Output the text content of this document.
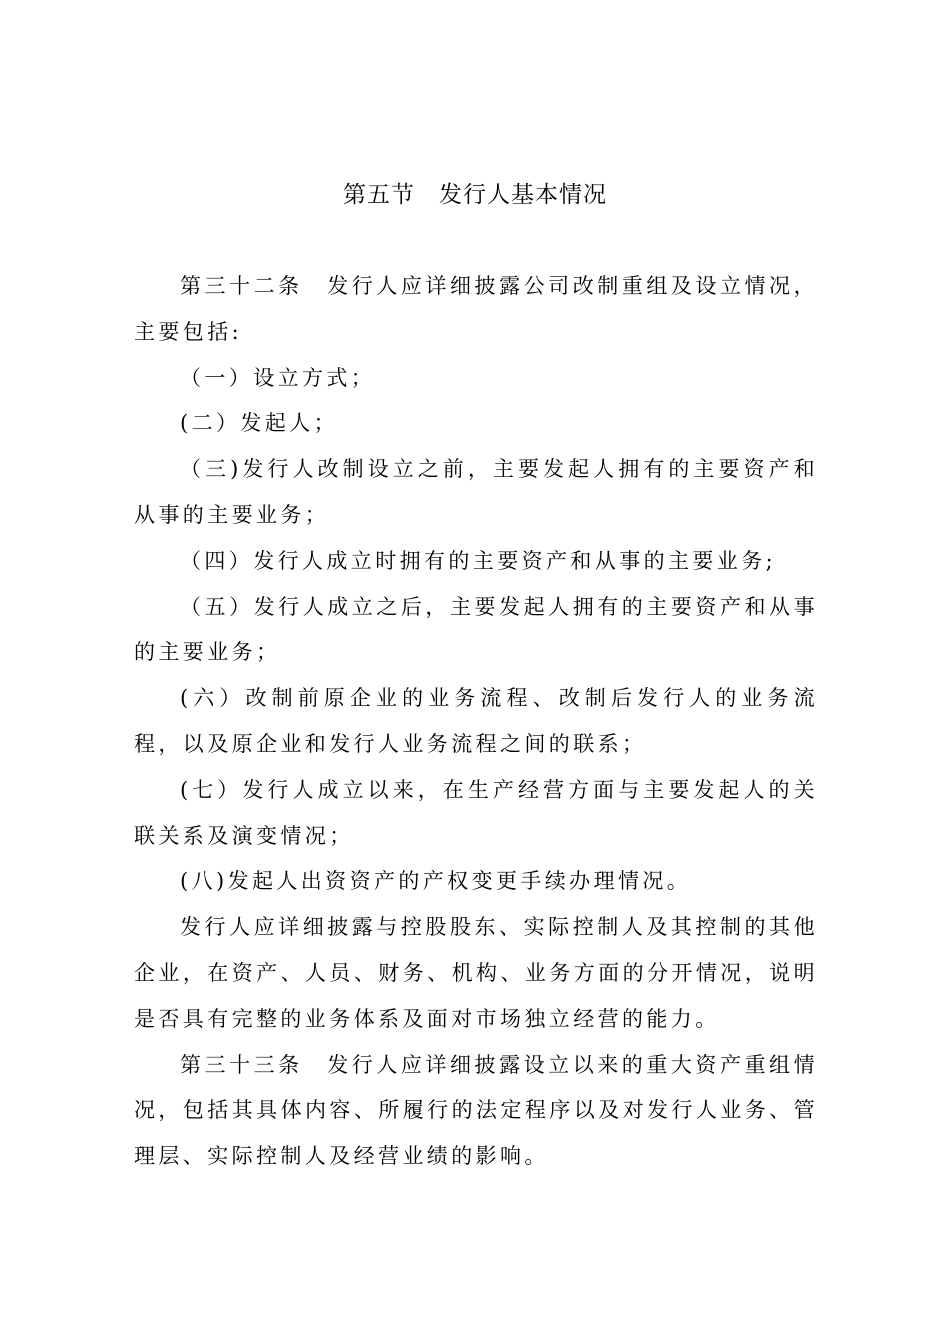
第五节　发行人基本情况

第三十二条　发行人应详细披露公司改制重组及设立情况，主要包括:

（一）设立方式；

(二）发起人；

（三)发行人改制设立之前，主要发起人拥有的主要资产和从事的主要业务；

（四）发行人成立时拥有的主要资产和从事的主要业务;

（五）发行人成立之后，主要发起人拥有的主要资产和从事的主要业务；

(六）改制前原企业的业务流程、改制后发行人的业务流程，以及原企业和发行人业务流程之间的联系；

(七）发行人成立以来，在生产经营方面与主要发起人的关联关系及演变情况；

(八)发起人出资资产的产权变更手续办理情况。

发行人应详细披露与控股股东、实际控制人及其控制的其他企业，在资产、人员、财务、机构、业务方面的分开情况，说明是否具有完整的业务体系及面对市场独立经营的能力。

第三十三条　发行人应详细披露设立以来的重大资产重组情况，包括其具体内容、所履行的法定程序以及对发行人业务、管理层、实际控制人及经营业绩的影响。
